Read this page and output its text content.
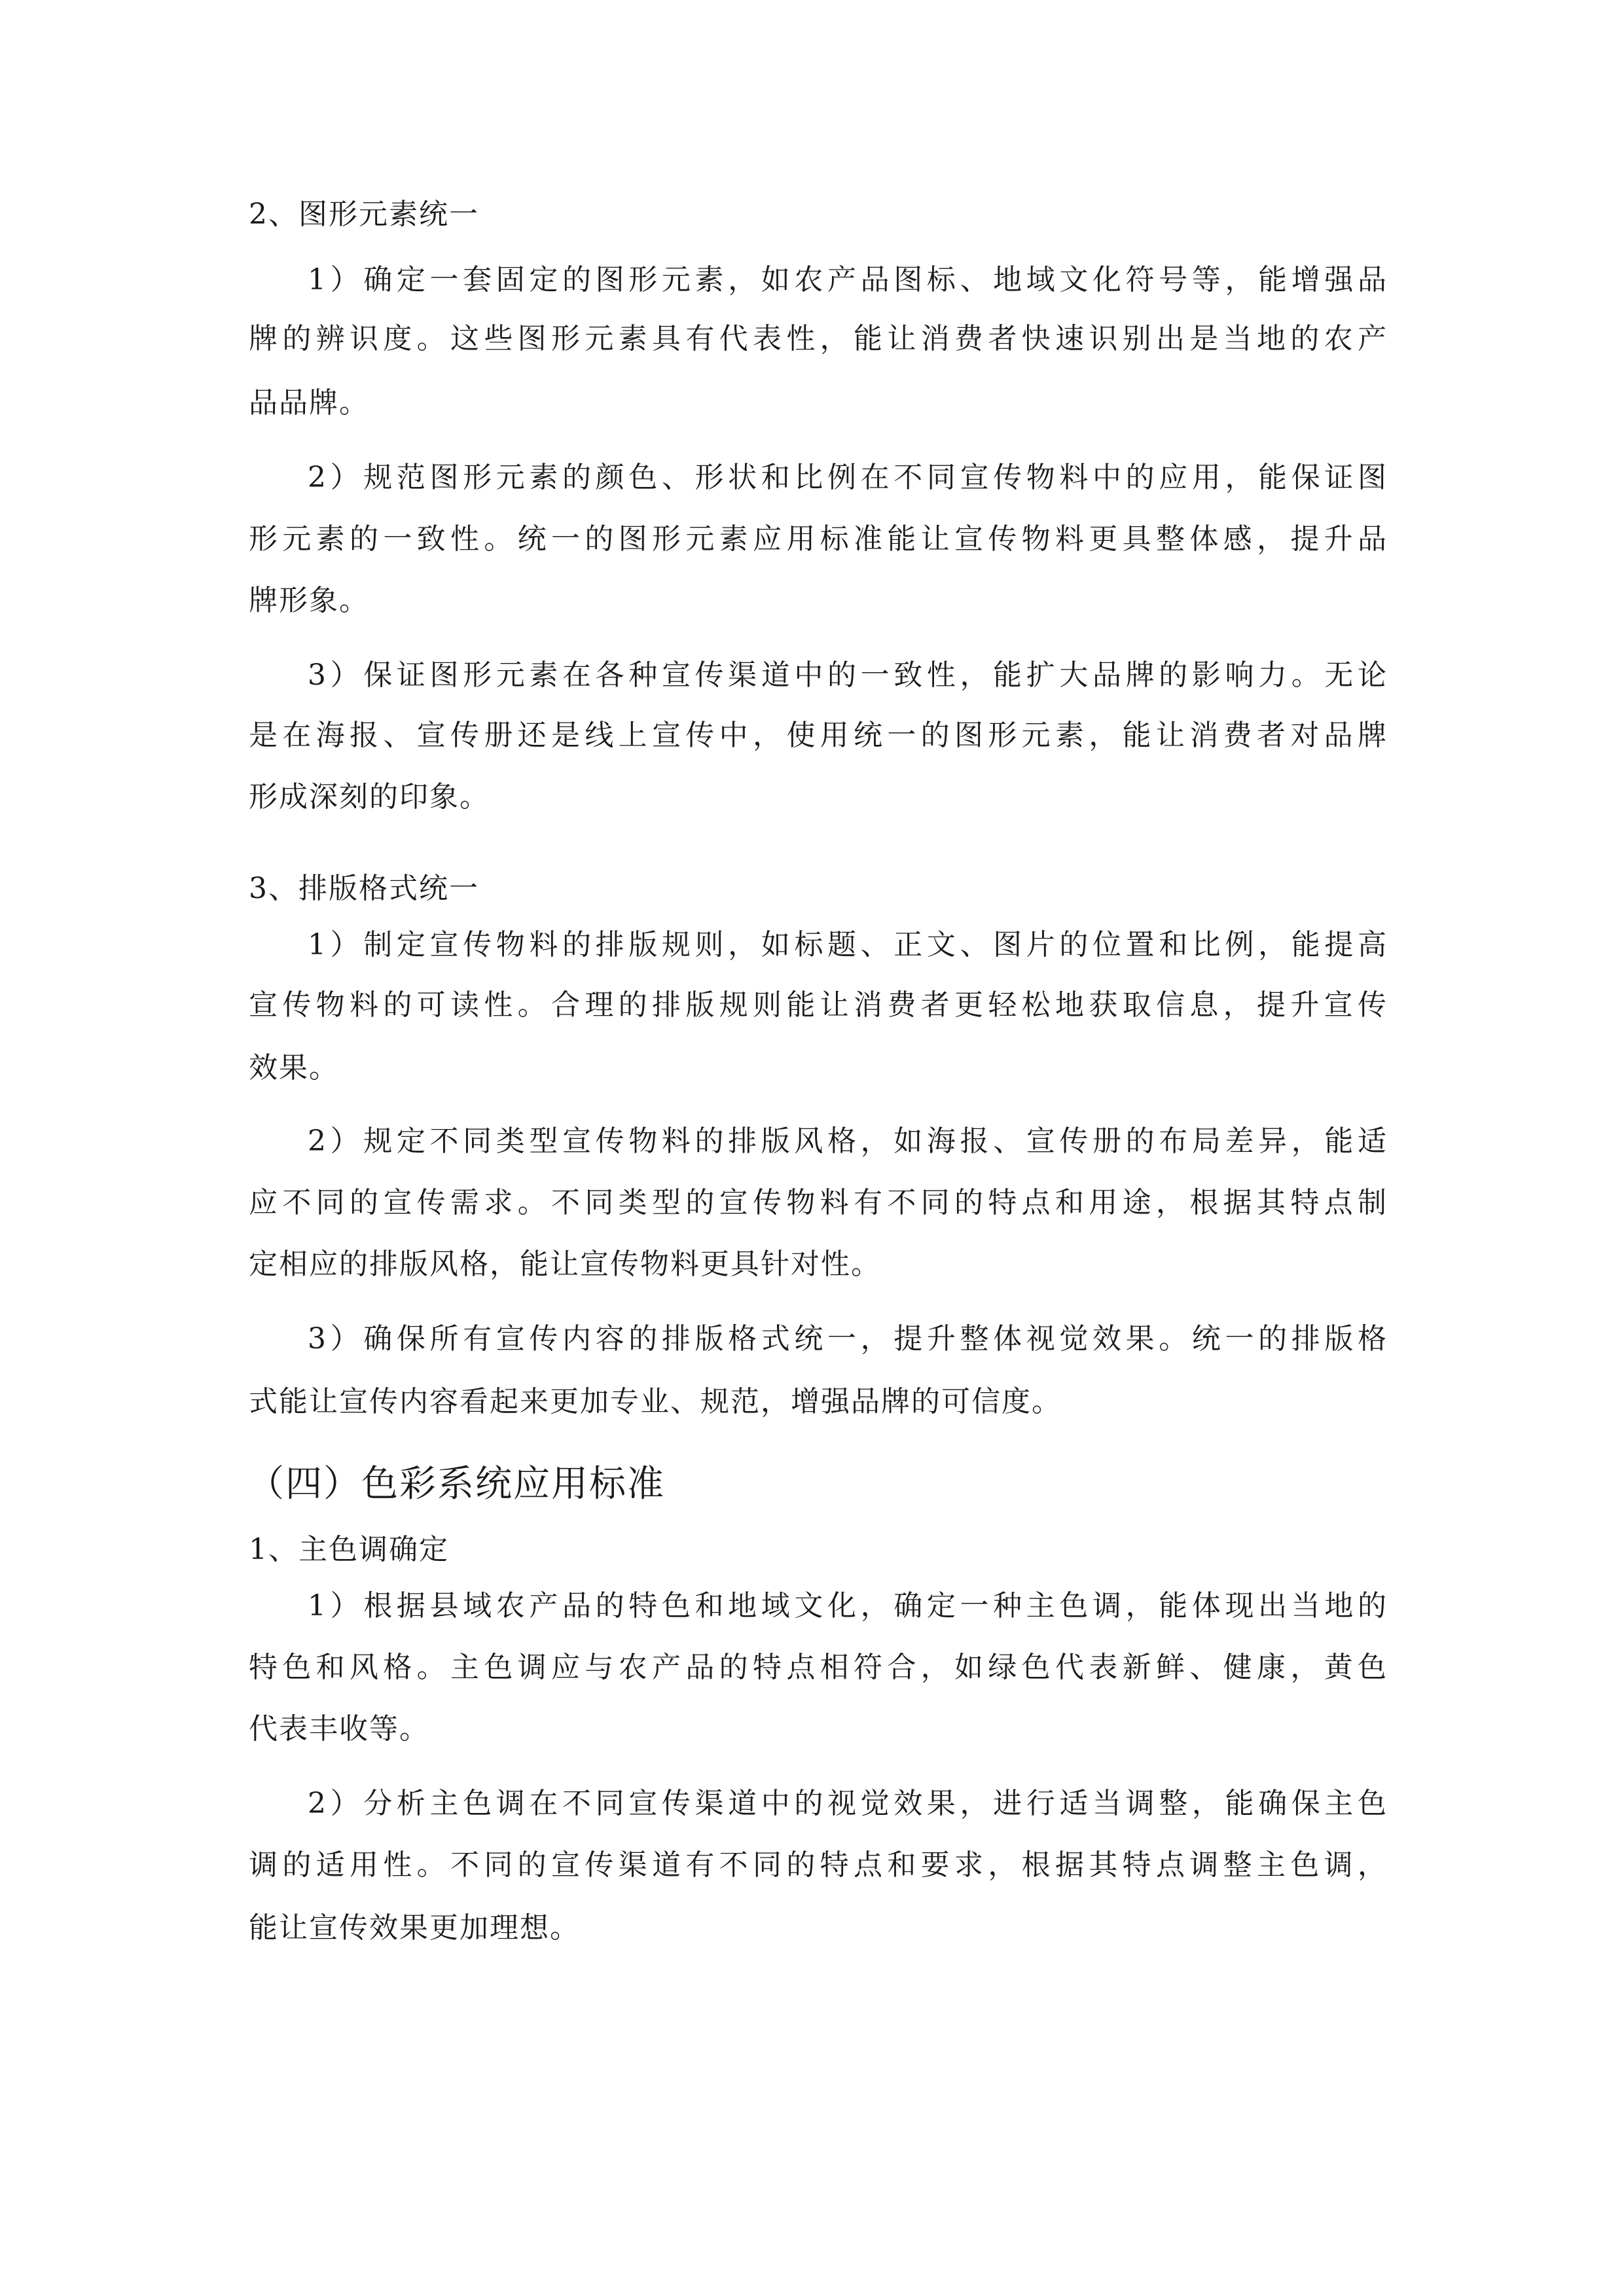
2、图形元素统一
1）确定一套固定的图形元素，如农产品图标、地域文化符号等，能增强品
牌的辨识度。这些图形元素具有代表性，能让消费者快速识别出是当地的农产
品品牌。
2）规范图形元素的颜色、形状和比例在不同宣传物料中的应用，能保证图
形元素的一致性。统一的图形元素应用标准能让宣传物料更具整体感，提升品
牌形象。
3）保证图形元素在各种宣传渠道中的一致性，能扩大品牌的影响力。无论
是在海报、宣传册还是线上宣传中，使用统一的图形元素，能让消费者对品牌
形成深刻的印象。
3、排版格式统一
1）制定宣传物料的排版规则，如标题、正文、图片的位置和比例，能提高
宣传物料的可读性。合理的排版规则能让消费者更轻松地获取信息，提升宣传
效果。
2）规定不同类型宣传物料的排版风格，如海报、宣传册的布局差异，能适
应不同的宣传需求。不同类型的宣传物料有不同的特点和用途，根据其特点制
定相应的排版风格，能让宣传物料更具针对性。
3）确保所有宣传内容的排版格式统一，提升整体视觉效果。统一的排版格
式能让宣传内容看起来更加专业、规范，增强品牌的可信度。
（四）色彩系统应用标准
1、主色调确定
1）根据县域农产品的特色和地域文化，确定一种主色调，能体现出当地的
特色和风格。主色调应与农产品的特点相符合，如绿色代表新鲜、健康，黄色
代表丰收等。
2）分析主色调在不同宣传渠道中的视觉效果，进行适当调整，能确保主色
调的适用性。不同的宣传渠道有不同的特点和要求，根据其特点调整主色调，
能让宣传效果更加理想。
